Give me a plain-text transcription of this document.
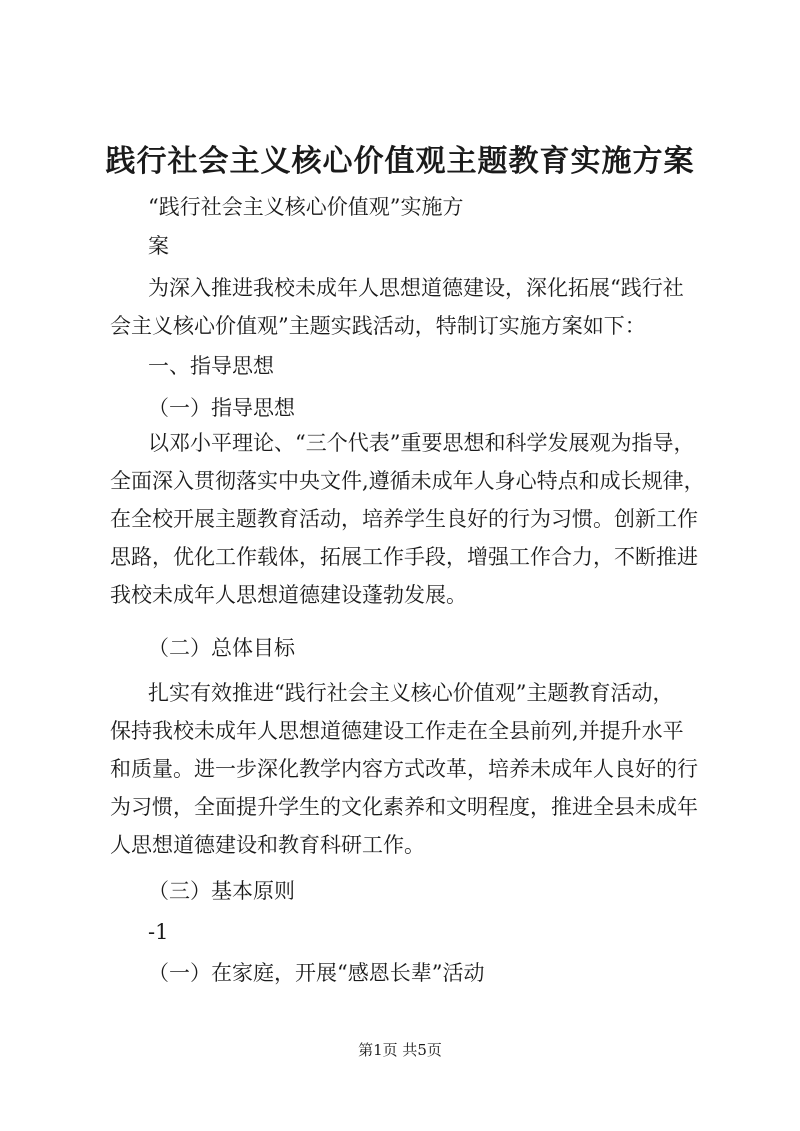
践行社会主义核心价值观主题教育实施方案

“践行社会主义核心价值观”实施方

案

为深入推进我校未成年人思想道德建设，深化拓展“践行社
会主义核心价值观”主题实践活动，特制订实施方案如下：

一、指导思想

（一）指导思想

以邓小平理论、“三个代表”重要思想和科学发展观为指导，
全面深入贯彻落实中央文件,遵循未成年人身心特点和成长规律，
在全校开展主题教育活动，培养学生良好的行为习惯。创新工作
思路，优化工作载体，拓展工作手段，增强工作合力，不断推进
我校未成年人思想道德建设蓬勃发展。

（二）总体目标

扎实有效推进“践行社会主义核心价值观”主题教育活动，
保持我校未成年人思想道德建设工作走在全县前列,并提升水平
和质量。进一步深化教学内容方式改革，培养未成年人良好的行
为习惯，全面提升学生的文化素养和文明程度，推进全县未成年
人思想道德建设和教育科研工作。

（三）基本原则

-1

（一）在家庭，开展“感恩长辈”活动

第1页 共5页
